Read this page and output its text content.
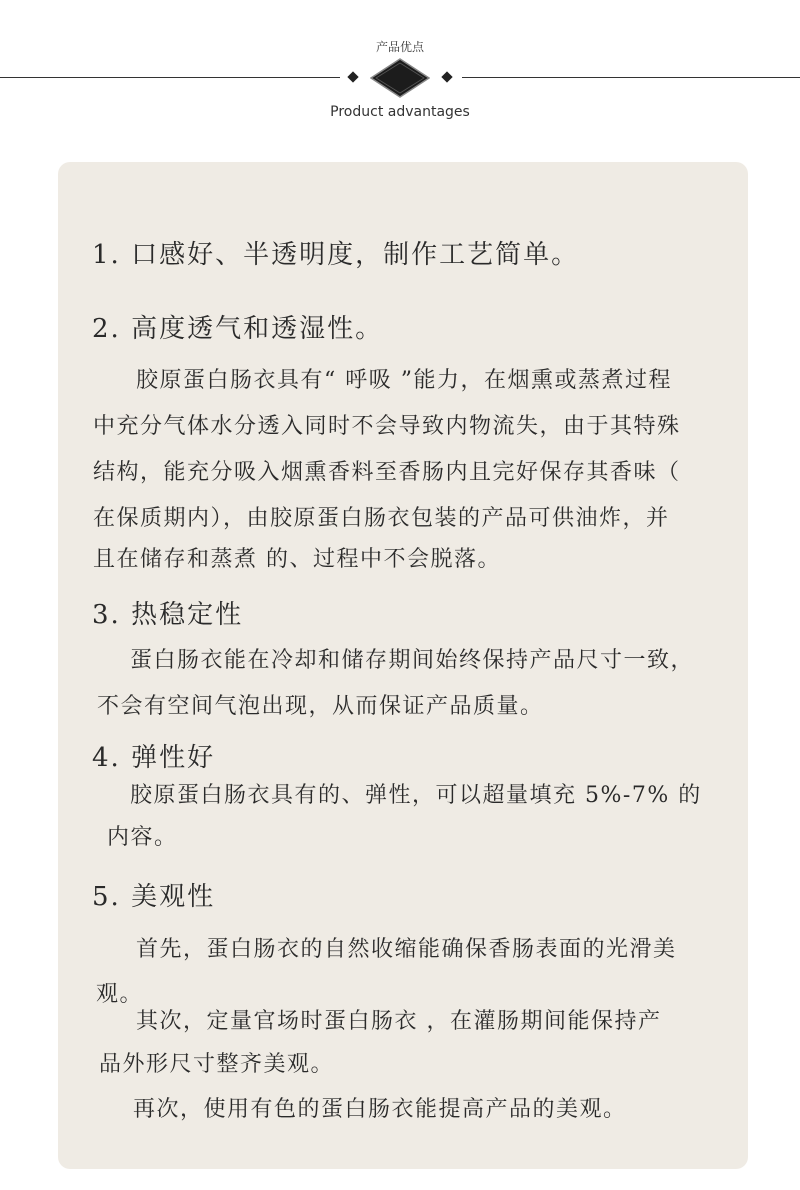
产品优点
Product advantages
1. 口感好、半透明度，制作工艺简单。
2. 高度透气和透湿性。
胶原蛋白肠衣具有“ 呼吸 ”能力，在烟熏或蒸煮过程
中充分气体水分透入同时不会导致内物流失，由于其特殊
结构，能充分吸入烟熏香料至香肠内且完好保存其香味（
在保质期内），由胶原蛋白肠衣包装的产品可供油炸，并
且在储存和蒸煮 的、过程中不会脱落。
3. 热稳定性
蛋白肠衣能在冷却和储存期间始终保持产品尺寸一致，
不会有空间气泡出现，从而保证产品质量。
4. 弹性好
胶原蛋白肠衣具有的、弹性，可以超量填充 5%-7% 的
内容。
5. 美观性
首先，蛋白肠衣的自然收缩能确保香肠表面的光滑美
观。
其次，定量官场时蛋白肠衣 ，在灌肠期间能保持产
品外形尺寸整齐美观。
再次，使用有色的蛋白肠衣能提高产品的美观。
